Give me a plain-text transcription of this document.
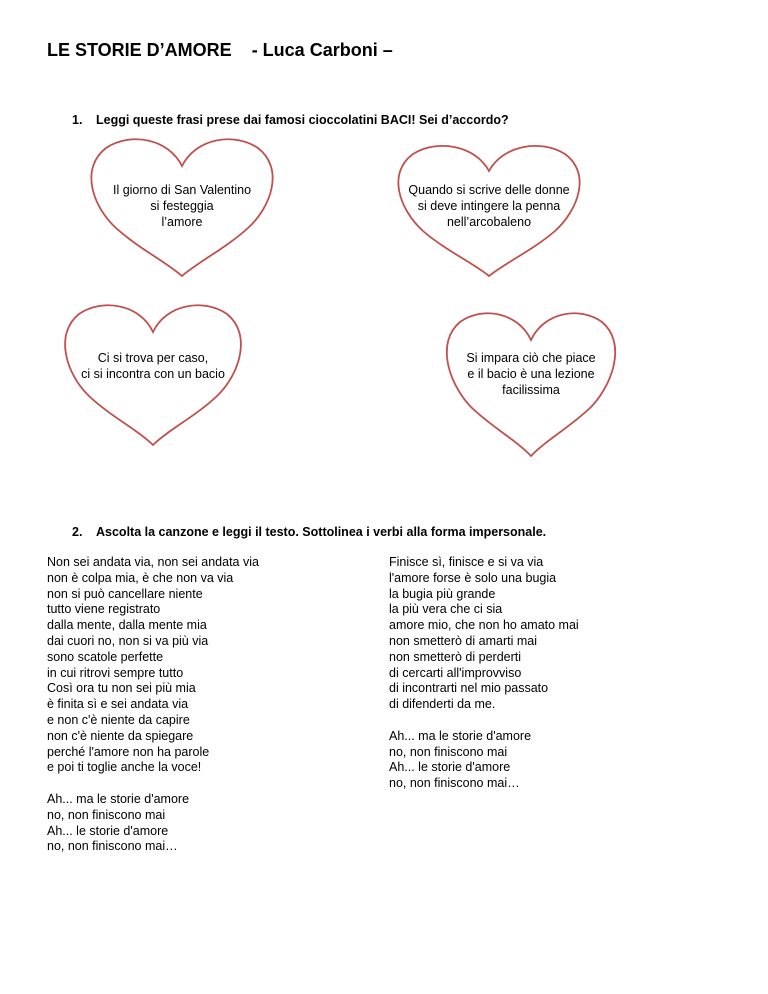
LE STORIE D’AMORE    - Luca Carboni –
1. Leggi queste frasi prese dai famosi cioccolatini BACI! Sei d’accordo?
Il giorno di San Valentino
si festeggia
l’amore
Quando si scrive delle donne
si deve intingere la penna
nell’arcobaleno
Ci si trova per caso,
ci si incontra con un bacio
Si impara ciò che piace
e il bacio è una lezione
facilissima
2. Ascolta la canzone e leggi il testo. Sottolinea i verbi alla forma impersonale.
Non sei andata via, non sei andata via
non è colpa mia, è che non va via
non si può cancellare niente
tutto viene registrato
dalla mente, dalla mente mia
dai cuori no, non si va più via
sono scatole perfette
in cui ritrovi sempre tutto
Così ora tu non sei più mia
è finita sì e sei andata via
e non c'è niente da capire
non c'è niente da spiegare
perché l'amore non ha parole
e poi ti toglie anche la voce!
Ah... ma le storie d'amore
no, non finiscono mai
Ah... le storie d'amore
no, non finiscono mai…
Finisce sì, finisce e si va via
l'amore forse è solo una bugia
la bugia più grande
la più vera che ci sia
amore mio, che non ho amato mai
non smetterò di amarti mai
non smetterò di perderti
di cercarti all'improvviso
di incontrarti nel mio passato
di difenderti da me.
Ah... ma le storie d'amore
no, non finiscono mai
Ah... le storie d'amore
no, non finiscono mai…
